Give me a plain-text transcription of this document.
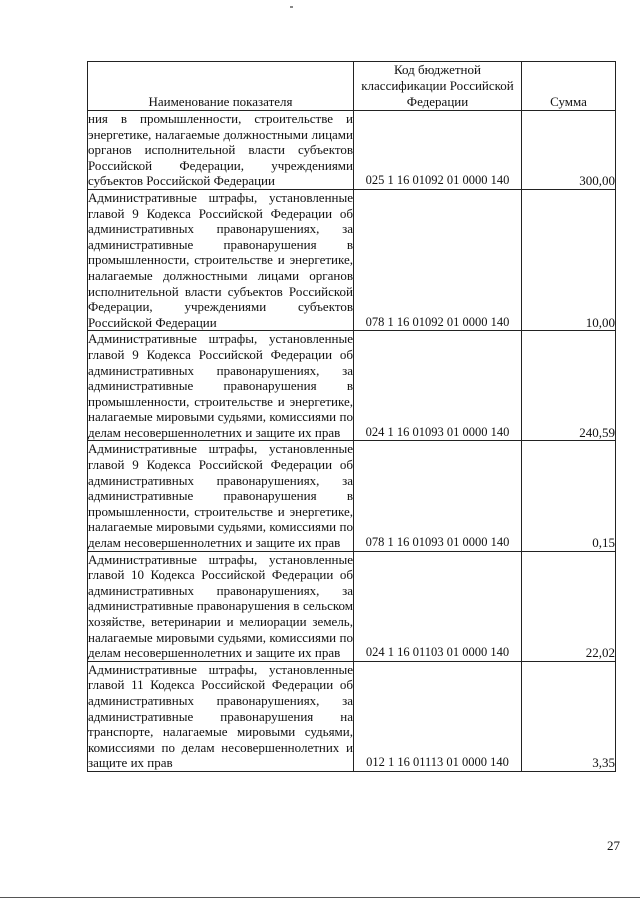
Наименование показателя	Код бюджетной классификации Российской Федерации	Сумма
ния в промышленности, строительстве и энергетике, налагаемые должностными лицами органов исполнительной власти субъектов Российской Федерации, учреждениями субъектов Российской Федерации	025 1 16 01092 01 0000 140	300,00
Административные штрафы, установленные главой 9 Кодекса Российской Федерации об административных правонарушениях, за административные правонарушения в промышленности, строительстве и энергетике, налагаемые должностными лицами органов исполнительной власти субъектов Российской Федерации, учреждениями субъектов Российской Федерации	078 1 16 01092 01 0000 140	10,00
Административные штрафы, установленные главой 9 Кодекса Российской Федерации об административных правонарушениях, за административные правонарушения в промышленности, строительстве и энергетике, налагаемые мировыми судьями, комиссиями по делам несовершеннолетних и защите их прав	024 1 16 01093 01 0000 140	240,59
Административные штрафы, установленные главой 9 Кодекса Российской Федерации об административных правонарушениях, за административные правонарушения в промышленности, строительстве и энергетике, налагаемые мировыми судьями, комиссиями по делам несовершеннолетних и защите их прав	078 1 16 01093 01 0000 140	0,15
Административные штрафы, установленные главой 10 Кодекса Российской Федерации об административных правонарушениях, за административные правонарушения в сельском хозяйстве, ветеринарии и мелиорации земель, налагаемые мировыми судьями, комиссиями по делам несовершеннолетних и защите их прав	024 1 16 01103 01 0000 140	22,02
Административные штрафы, установленные главой 11 Кодекса Российской Федерации об административных правонарушениях, за административные правонарушения на транспорте, налагаемые мировыми судьями, комиссиями по делам несовершеннолетних и защите их прав	012 1 16 01113 01 0000 140	3,35
27
